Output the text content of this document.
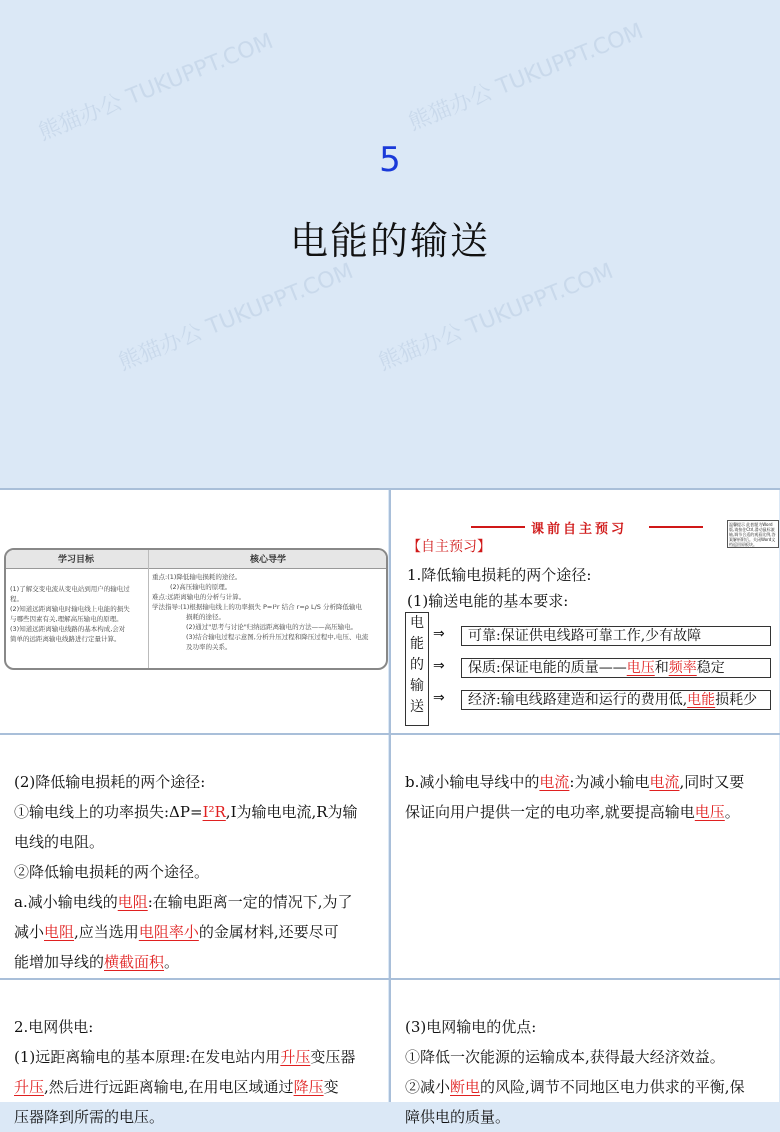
熊猫办公 TUKUPPT.COM	熊猫办公 TUKUPPT.COM
熊猫办公 TUKUPPT.COM 熊猫办公 TUKUPPT.COM
5
电能的输送
学习目标	核心导学
(1)了解交变电流从变电站到用户的输电过
程。
(2)知道远距离输电时输电线上电能的损失
与哪些因素有关,理解高压输电的原理。
(3)知道远距离输电线路的基本构成,会对
简单的远距离输电线路进行定量计算。
重点:(1)降低输电损耗的途径。
(2)高压输电的原理。
难点:远距离输电的分析与计算。
学法指导:(1)根据输电线上的功率损失 P=I²r 结合 r=ρ L/S 分析降低输电
损耗的途径。
(2)通过"思考与讨论"归纳远距离输电的方法——高压输电。
(3)结合输电过程示意图,分析升压过程和降压过程中,电压、电流
及功率的关系。
课前自主预习	温馨提示 此套题为Word版,请按住Ctrl,滑动鼠标滚轴,调节合适的观看比例,答案解析附后。关闭Word文档返回原板块。
【自主预习】
1.降低输电损耗的两个途径:
(1)输送电能的基本要求:
电
能
的
输
送
⇒	可靠:保证供电线路可靠工作,少有故障
⇒	保质:保证电能的质量——电压和频率稳定
⇒	经济:输电线路建造和运行的费用低,电能损耗少
(2)降低输电损耗的两个途径:
①输电线上的功率损失:ΔP=I²R,I为输电电流,R为输
电线的电阻。
②降低输电损耗的两个途径。
a.减小输电线的电阻:在输电距离一定的情况下,为了
减小电阻,应当选用电阻率小的金属材料,还要尽可
能增加导线的横截面积。
b.减小输电导线中的电流:为减小输电电流,同时又要
保证向用户提供一定的电功率,就要提高输电电压。
2.电网供电:
(1)远距离输电的基本原理:在发电站内用升压变压器
升压,然后进行远距离输电,在用电区域通过降压变
压器降到所需的电压。
(3)电网输电的优点:
①降低一次能源的运输成本,获得最大经济效益。
②减小断电的风险,调节不同地区电力供求的平衡,保
障供电的质量。
